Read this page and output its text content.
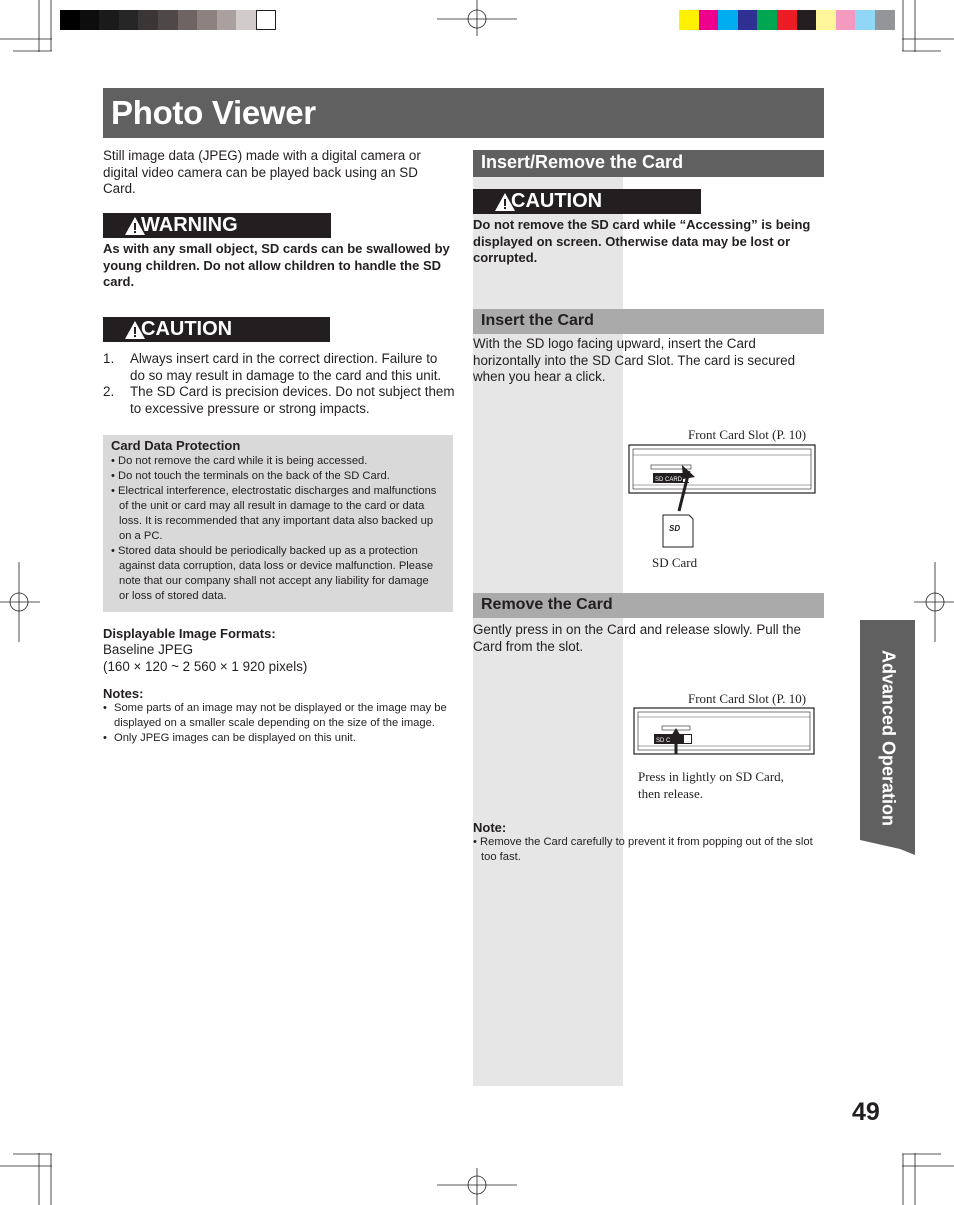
Photo Viewer
Still image data (JPEG) made with a digital camera or digital video camera can be played back using an SD Card.
WARNING
As with any small object, SD cards can be swallowed by young children. Do not allow children to handle the SD card.
CAUTION
1.	Always insert card in the correct direction. Failure to do so may result in damage to the card and this unit.
2.	The SD Card is precision devices. Do not subject them to excessive pressure or strong impacts.
Card Data Protection
• Do not remove the card while it is being accessed.
• Do not touch the terminals on the back of the SD Card.
• Electrical interference, electrostatic discharges and malfunctions of the unit or card may all result in damage to the card or data loss. It is recommended that any important data also backed up on a PC.
• Stored data should be periodically backed up as a protection against data corruption, data loss or device malfunction. Please note that our company shall not accept any liability for damage or loss of stored data.
Displayable Image Formats:
Baseline JPEG
(160 × 120 ~ 2 560 × 1 920 pixels)
Notes:
• Some parts of an image may not be displayed or the image may be displayed on a smaller scale depending on the size of the image.
• Only JPEG images can be displayed on this unit.
Insert/Remove the Card
CAUTION
Do not remove the SD card while “Accessing” is being displayed on screen. Otherwise data may be lost or corrupted.
Insert the Card
With the SD logo facing upward, insert the Card horizontally into the SD Card Slot. The card is secured when you hear a click.
Front Card Slot (P. 10)
SD CARD
SD
SD Card
Remove the Card
Gently press in on the Card and release slowly. Pull the Card from the slot.
Front Card Slot (P. 10)
SD C
Press in lightly on SD Card,
then release.
Note:
• Remove the Card carefully to prevent it from popping out of the slot too fast.
Advanced Operation
49
